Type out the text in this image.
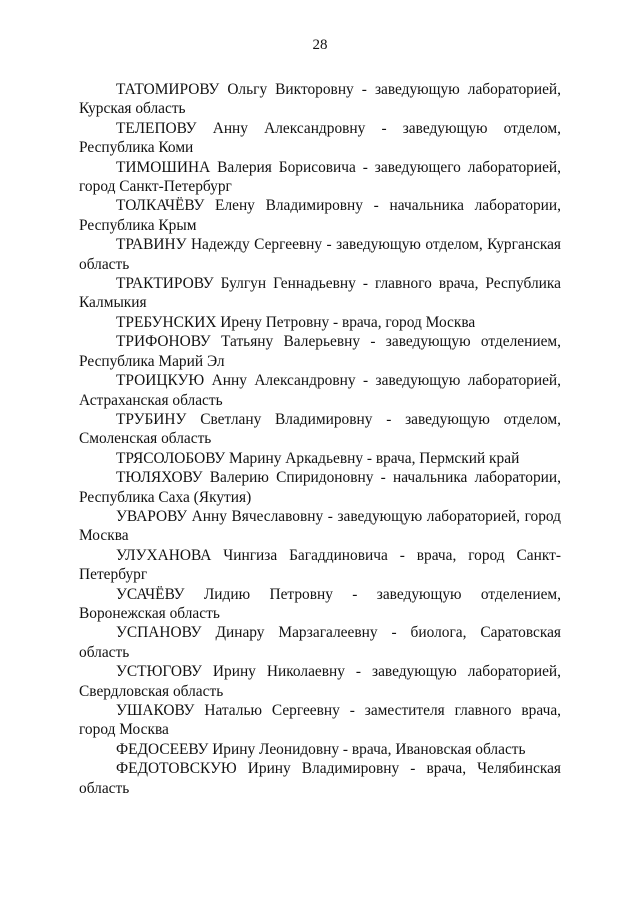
28
ТАТОМИРОВУ Ольгу Викторовну - заведующую лабораторией, Курская область
ТЕЛЕПОВУ Анну Александровну - заведующую отделом, Республика Коми
ТИМОШИНА Валерия Борисовича - заведующего лабораторией, город Санкт-Петербург
ТОЛКАЧЁВУ Елену Владимировну - начальника лаборатории, Республика Крым
ТРАВИНУ Надежду Сергеевну - заведующую отделом, Курганская область
ТРАКТИРОВУ Булгун Геннадьевну - главного врача, Республика Калмыкия
ТРЕБУНСКИХ Ирену Петровну - врача, город Москва
ТРИФОНОВУ Татьяну Валерьевну - заведующую отделением, Республика Марий Эл
ТРОИЦКУЮ Анну Александровну - заведующую лабораторией, Астраханская область
ТРУБИНУ Светлану Владимировну - заведующую отделом, Смоленская область
ТРЯСОЛОБОВУ Марину Аркадьевну - врача, Пермский край
ТЮЛЯХОВУ Валерию Спиридоновну - начальника лаборатории, Республика Саха (Якутия)
УВАРОВУ Анну Вячеславовну - заведующую лабораторией, город Москва
УЛУХАНОВА Чингиза Багаддиновича - врача, город Санкт-Петербург
УСАЧЁВУ Лидию Петровну - заведующую отделением, Воронежская область
УСПАНОВУ Динару Марзагалеевну - биолога, Саратовская область
УСТЮГОВУ Ирину Николаевну - заведующую лабораторией, Свердловская область
УШАКОВУ Наталью Сергеевну - заместителя главного врача, город Москва
ФЕДОСЕЕВУ Ирину Леонидовну - врача, Ивановская область
ФЕДОТОВСКУЮ Ирину Владимировну - врача, Челябинская область
